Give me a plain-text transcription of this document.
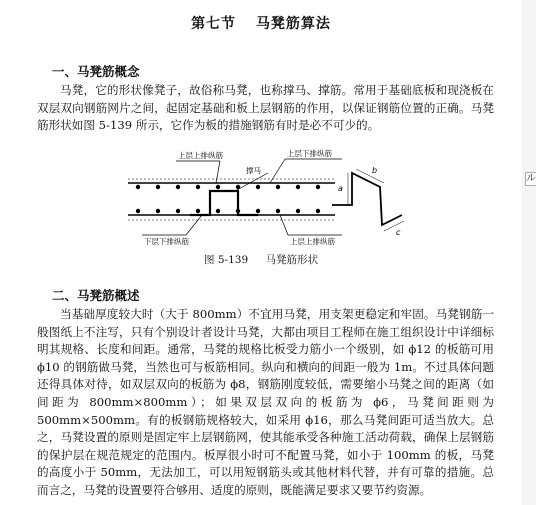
第七节 马凳筋算法
一、马凳筋概念

马凳，它的形状像凳子，故俗称马凳，也称撑马、撑筋。常用于基础底板和现浇板在双层双向钢筋网片之间，起固定基础和板上层钢筋的作用，以保证钢筋位置的正确。马凳筋形状如图 5-139 所示，它作为板的措施钢筋有时是必不可少的。

上层上排纵筋	上层下排纵筋
撑马
下层下排纵筋	上层上排纵筋
a
b
c
图 5-139 马凳筋形状
二、马凳筋概述

当基础厚度较大时（大于 800mm）不宜用马凳，用支架更稳定和牢固。马凳钢筋一般图纸上不注写，只有个别设计者设计马凳，大都由项目工程师在施工组织设计中详细标明其规格、长度和间距。通常，马凳的规格比板受力筋小一个级别，如 ϕ12 的板筋可用 ϕ10 的钢筋做马凳，当然也可与板筋相同。纵向和横向的间距一般为 1m。不过具体问题还得具体对待，如双层双向的板筋为 ϕ8，钢筋刚度较低，需要缩小马凳之间的距离（如间距为 800mm×800mm）；如果双层双向的板筋为 ϕ6，马凳间距则为 500mm×500mm。有的板钢筋规格较大，如采用 ϕ16，那么马凳间距可适当放大。总之，马凳设置的原则是固定牢上层钢筋网，使其能承受各种施工活动荷载，确保上层钢筋的保护层在规范规定的范围内。板厚很小时可不配置马凳，如小于 100mm 的板，马凳的高度小于 50mm，无法加工，可以用短钢筋头或其他材料代替，并有可靠的措施。总而言之，马凳的设置要符合够用、适度的原则，既能满足要求又要节约资源。

ル
